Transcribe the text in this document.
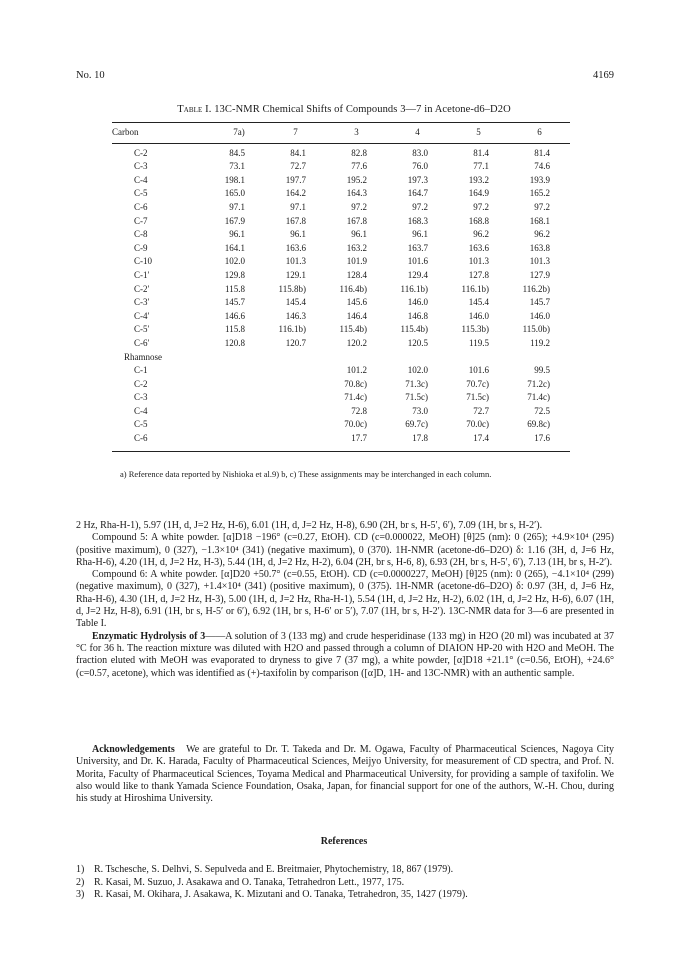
No. 10	4169
Table I. 13C-NMR Chemical Shifts of Compounds 3—7 in Acetone-d6–D2O
Carbon	7a)	7	3	4	5	6

C-2	84.5	84.1	82.8	83.0	81.4	81.4
C-3	73.1	72.7	77.6	76.0	77.1	74.6
C-4	198.1	197.7	195.2	197.3	193.2	193.9
C-5	165.0	164.2	164.3	164.7	164.9	165.2
C-6	97.1	97.1	97.2	97.2	97.2	97.2
C-7	167.9	167.8	167.8	168.3	168.8	168.1
C-8	96.1	96.1	96.1	96.1	96.2	96.2
C-9	164.1	163.6	163.2	163.7	163.6	163.8
C-10	102.0	101.3	101.9	101.6	101.3	101.3
C-1′	129.8	129.1	128.4	129.4	127.8	127.9
C-2′	115.8	115.8b)	116.4b)	116.1b)	116.1b)	116.2b)
C-3′	145.7	145.4	145.6	146.0	145.4	145.7
C-4′	146.6	146.3	146.4	146.8	146.0	146.0
C-5′	115.8	116.1b)	115.4b)	115.4b)	115.3b)	115.0b)
C-6′	120.8	120.7	120.2	120.5	119.5	119.2
Rhamnose						
C-1			101.2	102.0	101.6	99.5
C-2			70.8c)	71.3c)	70.7c)	71.2c)
C-3			71.4c)	71.5c)	71.5c)	71.4c)
C-4			72.8	73.0	72.7	72.5
C-5			70.0c)	69.7c)	70.0c)	69.8c)
C-6			17.7	17.8	17.4	17.6
a) Reference data reported by Nishioka et al.9) b, c) These assignments may be interchanged in each column.

2 Hz, Rha-H-1), 5.97 (1H, d, J=2 Hz, H-6), 6.01 (1H, d, J=2 Hz, H-8), 6.90 (2H, br s, H-5′, 6′), 7.09 (1H, br s, H-2′).

Compound 5: A white powder. [α]D18 −196° (c=0.27, EtOH). CD (c=0.000022, MeOH) [θ]25 (nm): 0 (265); +4.9×10⁴ (295) (positive maximum), 0 (327), −1.3×10⁴ (341) (negative maximum), 0 (370). 1H-NMR (acetone-d6–D2O) δ: 1.16 (3H, d, J=6 Hz, Rha-H-6), 4.20 (1H, d, J=2 Hz, H-3), 5.44 (1H, d, J=2 Hz, H-2), 6.04 (2H, br s, H-6, 8), 6.93 (2H, br s, H-5′, 6′), 7.13 (1H, br s, H-2′).

Compound 6: A white powder. [α]D20 +50.7° (c=0.55, EtOH). CD (c=0.0000227, MeOH) [θ]25 (nm): 0 (265), −4.1×10⁴ (299) (negative maximum), 0 (327), +1.4×10⁴ (341) (positive maximum), 0 (375). 1H-NMR (acetone-d6–D2O) δ: 0.97 (3H, d, J=6 Hz, Rha-H-6), 4.30 (1H, d, J=2 Hz, H-3), 5.00 (1H, d, J=2 Hz, Rha-H-1), 5.54 (1H, d, J=2 Hz, H-2), 6.02 (1H, d, J=2 Hz, H-6), 6.07 (1H, d, J=2 Hz, H-8), 6.91 (1H, br s, H-5′ or 6′), 6.92 (1H, br s, H-6′ or 5′), 7.07 (1H, br s, H-2′). 13C-NMR data for 3—6 are presented in Table I.

Enzymatic Hydrolysis of 3——A solution of 3 (133 mg) and crude hesperidinase (133 mg) in H2O (20 ml) was incubated at 37 °C for 36 h. The reaction mixture was diluted with H2O and passed through a column of DIAION HP-20 with H2O and MeOH. The fraction eluted with MeOH was evaporated to dryness to give 7 (37 mg), a white powder, [α]D18 +21.1° (c=0.56, EtOH), +24.6° (c=0.57, acetone), which was identified as (+)-taxifolin by comparison ([α]D, 1H- and 13C-NMR) with an authentic sample.

Acknowledgements We are grateful to Dr. T. Takeda and Dr. M. Ogawa, Faculty of Pharmaceutical Sciences, Nagoya City University, and Dr. K. Harada, Faculty of Pharmaceutical Sciences, Meijyo University, for measurement of CD spectra, and Prof. N. Morita, Faculty of Pharmaceutical Sciences, Toyama Medical and Pharmaceutical University, for providing a sample of taxifolin. We also would like to thank Yamada Science Foundation, Osaka, Japan, for financial support for one of the authors, W.-H. Chou, during his study at Hiroshima University.

References
1) R. Tschesche, S. Delhvi, S. Sepulveda and E. Breitmaier, Phytochemistry, 18, 867 (1979).
2) R. Kasai, M. Suzuo, J. Asakawa and O. Tanaka, Tetrahedron Lett., 1977, 175.
3) R. Kasai, M. Okihara, J. Asakawa, K. Mizutani and O. Tanaka, Tetrahedron, 35, 1427 (1979).
